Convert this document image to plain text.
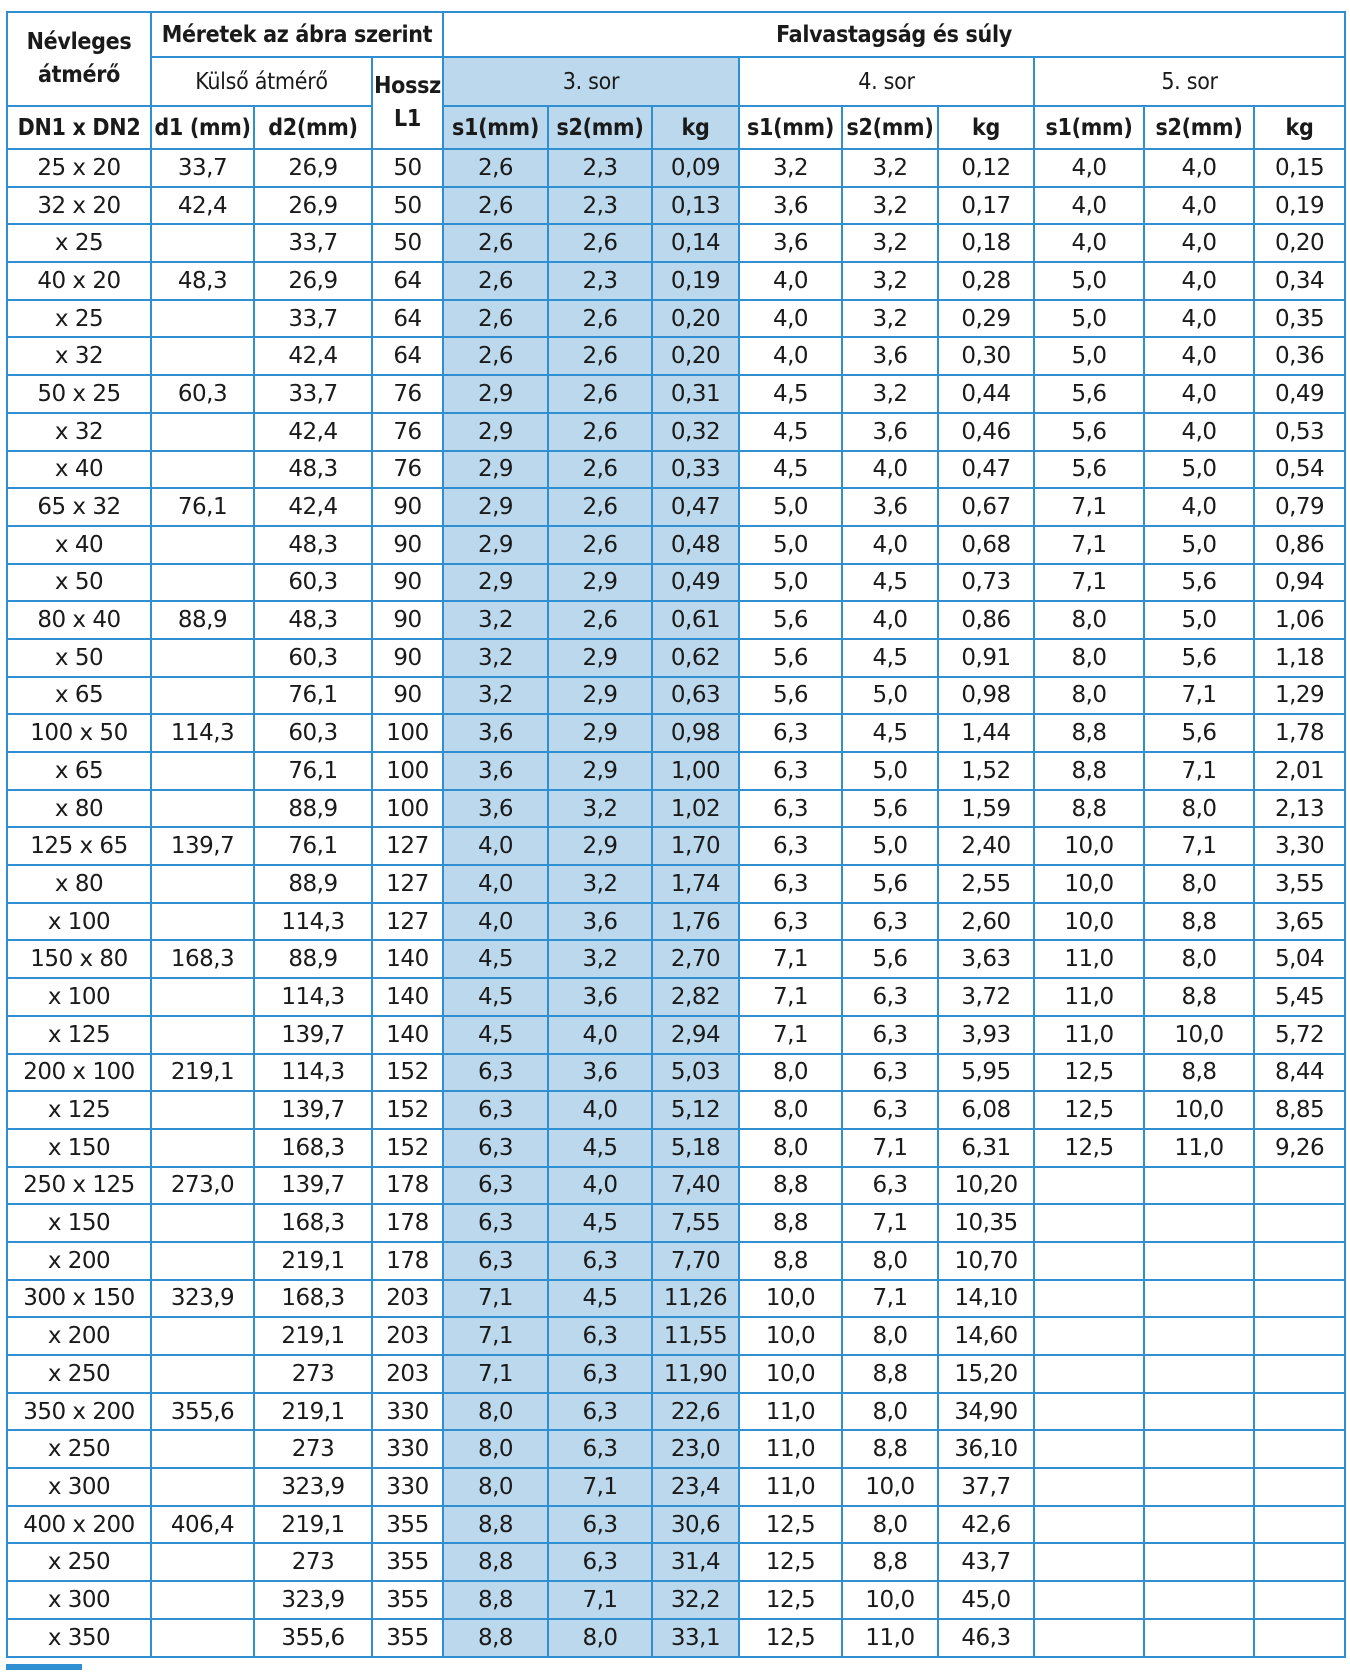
Névleges átmérő	Méretek az ábra szerint			Falvastagság és súly								
	Külső átmérő		Hossz L1	3. sor			4. sor			5. sor		
DN1 x DN2	d1 (mm)	d2(mm)		s1(mm)	s2(mm)	kg	s1(mm)	s2(mm)	kg	s1(mm)	s2(mm)	kg
25 x 20	33,7	26,9	50	2,6	2,3	0,09	3,2	3,2	0,12	4,0	4,0	0,15
32 x 20	42,4	26,9	50	2,6	2,3	0,13	3,6	3,2	0,17	4,0	4,0	0,19
x 25		33,7	50	2,6	2,6	0,14	3,6	3,2	0,18	4,0	4,0	0,20
40 x 20	48,3	26,9	64	2,6	2,3	0,19	4,0	3,2	0,28	5,0	4,0	0,34
x 25		33,7	64	2,6	2,6	0,20	4,0	3,2	0,29	5,0	4,0	0,35
x 32		42,4	64	2,6	2,6	0,20	4,0	3,6	0,30	5,0	4,0	0,36
50 x 25	60,3	33,7	76	2,9	2,6	0,31	4,5	3,2	0,44	5,6	4,0	0,49
x 32		42,4	76	2,9	2,6	0,32	4,5	3,6	0,46	5,6	4,0	0,53
x 40		48,3	76	2,9	2,6	0,33	4,5	4,0	0,47	5,6	5,0	0,54
65 x 32	76,1	42,4	90	2,9	2,6	0,47	5,0	3,6	0,67	7,1	4,0	0,79
x 40		48,3	90	2,9	2,6	0,48	5,0	4,0	0,68	7,1	5,0	0,86
x 50		60,3	90	2,9	2,9	0,49	5,0	4,5	0,73	7,1	5,6	0,94
80 x 40	88,9	48,3	90	3,2	2,6	0,61	5,6	4,0	0,86	8,0	5,0	1,06
x 50		60,3	90	3,2	2,9	0,62	5,6	4,5	0,91	8,0	5,6	1,18
x 65		76,1	90	3,2	2,9	0,63	5,6	5,0	0,98	8,0	7,1	1,29
100 x 50	114,3	60,3	100	3,6	2,9	0,98	6,3	4,5	1,44	8,8	5,6	1,78
x 65		76,1	100	3,6	2,9	1,00	6,3	5,0	1,52	8,8	7,1	2,01
x 80		88,9	100	3,6	3,2	1,02	6,3	5,6	1,59	8,8	8,0	2,13
125 x 65	139,7	76,1	127	4,0	2,9	1,70	6,3	5,0	2,40	10,0	7,1	3,30
x 80		88,9	127	4,0	3,2	1,74	6,3	5,6	2,55	10,0	8,0	3,55
x 100		114,3	127	4,0	3,6	1,76	6,3	6,3	2,60	10,0	8,8	3,65
150 x 80	168,3	88,9	140	4,5	3,2	2,70	7,1	5,6	3,63	11,0	8,0	5,04
x 100		114,3	140	4,5	3,6	2,82	7,1	6,3	3,72	11,0	8,8	5,45
x 125		139,7	140	4,5	4,0	2,94	7,1	6,3	3,93	11,0	10,0	5,72
200 x 100	219,1	114,3	152	6,3	3,6	5,03	8,0	6,3	5,95	12,5	8,8	8,44
x 125		139,7	152	6,3	4,0	5,12	8,0	6,3	6,08	12,5	10,0	8,85
x 150		168,3	152	6,3	4,5	5,18	8,0	7,1	6,31	12,5	11,0	9,26
250 x 125	273,0	139,7	178	6,3	4,0	7,40	8,8	6,3	10,20			
x 150		168,3	178	6,3	4,5	7,55	8,8	7,1	10,35			
x 200		219,1	178	6,3	6,3	7,70	8,8	8,0	10,70			
300 x 150	323,9	168,3	203	7,1	4,5	11,26	10,0	7,1	14,10			
x 200		219,1	203	7,1	6,3	11,55	10,0	8,0	14,60			
x 250		273	203	7,1	6,3	11,90	10,0	8,8	15,20			
350 x 200	355,6	219,1	330	8,0	6,3	22,6	11,0	8,0	34,90			
x 250		273	330	8,0	6,3	23,0	11,0	8,8	36,10			
x 300		323,9	330	8,0	7,1	23,4	11,0	10,0	37,7			
400 x 200	406,4	219,1	355	8,8	6,3	30,6	12,5	8,0	42,6			
x 250		273	355	8,8	6,3	31,4	12,5	8,8	43,7			
x 300		323,9	355	8,8	7,1	32,2	12,5	10,0	45,0			
x 350		355,6	355	8,8	8,0	33,1	12,5	11,0	46,3			
